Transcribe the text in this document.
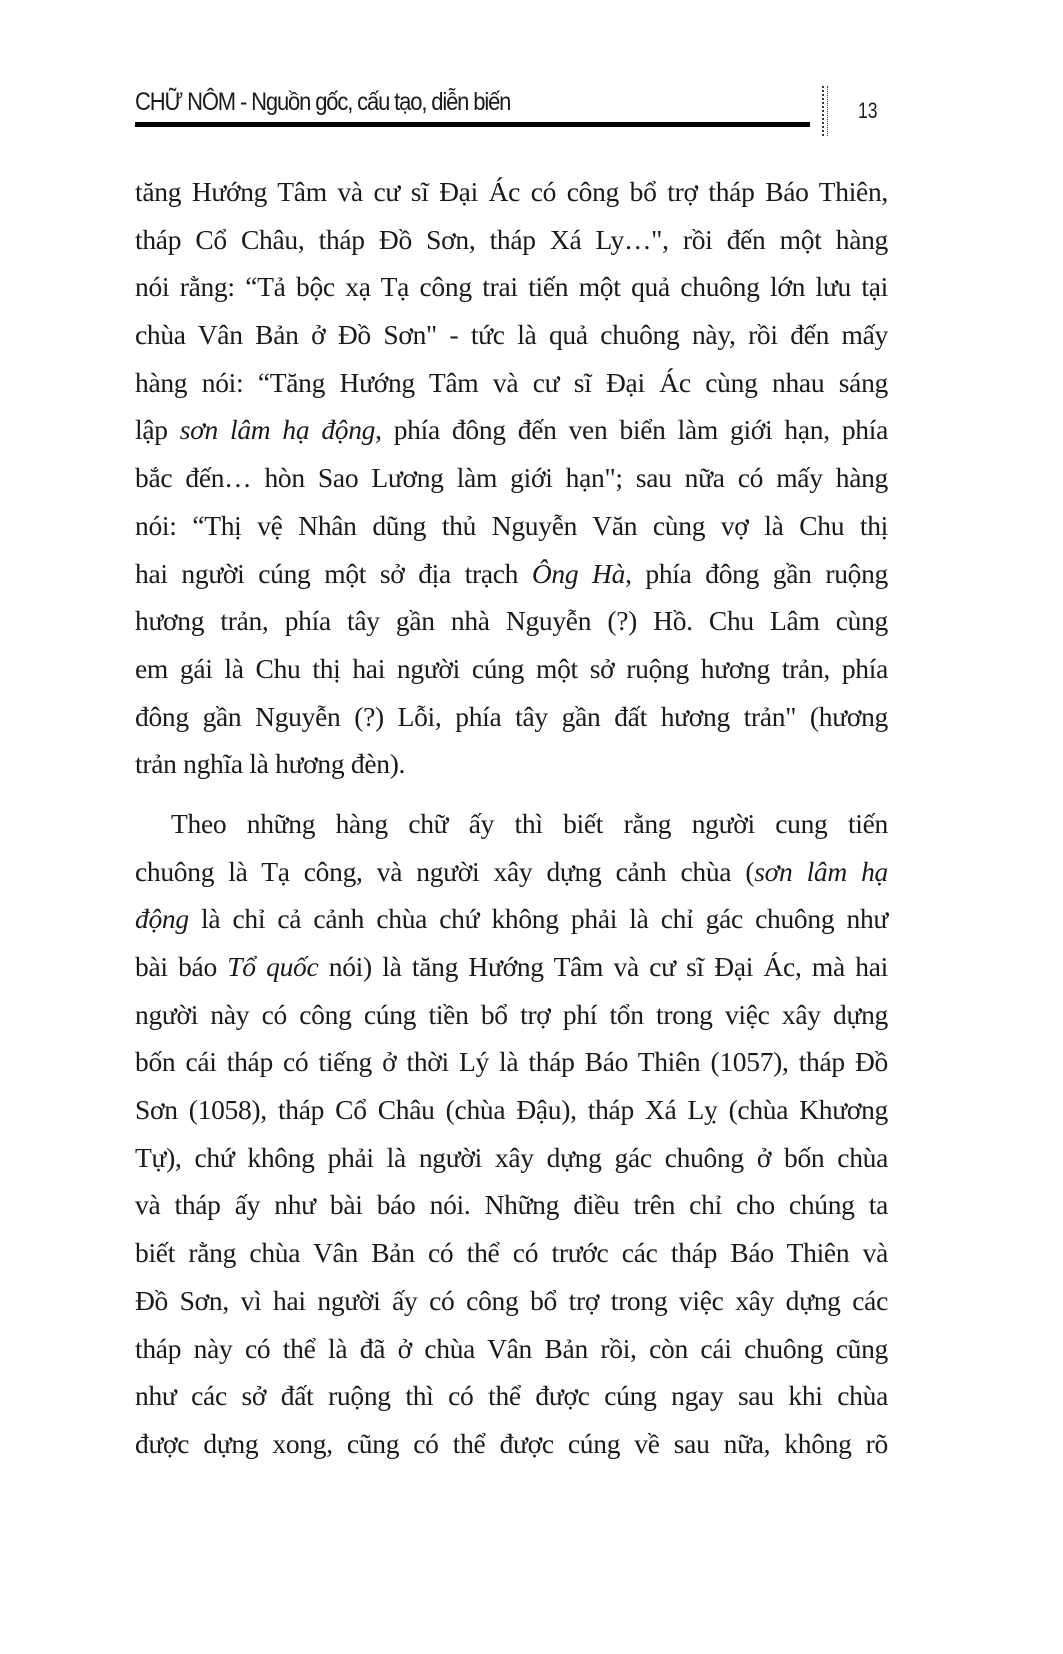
CHỮ NÔM - Nguồn gốc, cấu tạo, diễn biến	13
tăng Hướng Tâm và cư sĩ Đại Ác có công bổ trợ tháp Báo Thiên,
tháp Cổ Châu, tháp Đồ Sơn, tháp Xá Ly…", rồi đến một hàng
nói rằng: “Tả bộc xạ Tạ công trai tiến một quả chuông lớn lưu tại
chùa Vân Bản ở Đồ Sơn" - tức là quả chuông này, rồi đến mấy
hàng nói: “Tăng Hướng Tâm và cư sĩ Đại Ác cùng nhau sáng
lập sơn lâm hạ động, phía đông đến ven biển làm giới hạn, phía
bắc đến… hòn Sao Lương làm giới hạn"; sau nữa có mấy hàng
nói: “Thị vệ Nhân dũng thủ Nguyễn Văn cùng vợ là Chu thị
hai người cúng một sở địa trạch Ông Hà, phía đông gần ruộng
hương trản, phía tây gần nhà Nguyễn (?) Hồ. Chu Lâm cùng
em gái là Chu thị hai người cúng một sở ruộng hương trản, phía
đông gần Nguyễn (?) Lỗi, phía tây gần đất hương trản" (hương
trản nghĩa là hương đèn).
Theo những hàng chữ ấy thì biết rằng người cung tiến
chuông là Tạ công, và người xây dựng cảnh chùa (sơn lâm hạ
động là chỉ cả cảnh chùa chứ không phải là chỉ gác chuông như
bài báo Tổ quốc nói) là tăng Hướng Tâm và cư sĩ Đại Ác, mà hai
người này có công cúng tiền bổ trợ phí tổn trong việc xây dựng
bốn cái tháp có tiếng ở thời Lý là tháp Báo Thiên (1057), tháp Đồ
Sơn (1058), tháp Cổ Châu (chùa Đậu), tháp Xá Lỵ (chùa Khương
Tự), chứ không phải là người xây dựng gác chuông ở bốn chùa
và tháp ấy như bài báo nói. Những điều trên chỉ cho chúng ta
biết rằng chùa Vân Bản có thể có trước các tháp Báo Thiên và
Đồ Sơn, vì hai người ấy có công bổ trợ trong việc xây dựng các
tháp này có thể là đã ở chùa Vân Bản rồi, còn cái chuông cũng
như các sở đất ruộng thì có thể được cúng ngay sau khi chùa
được dựng xong, cũng có thể được cúng về sau nữa, không rõ
